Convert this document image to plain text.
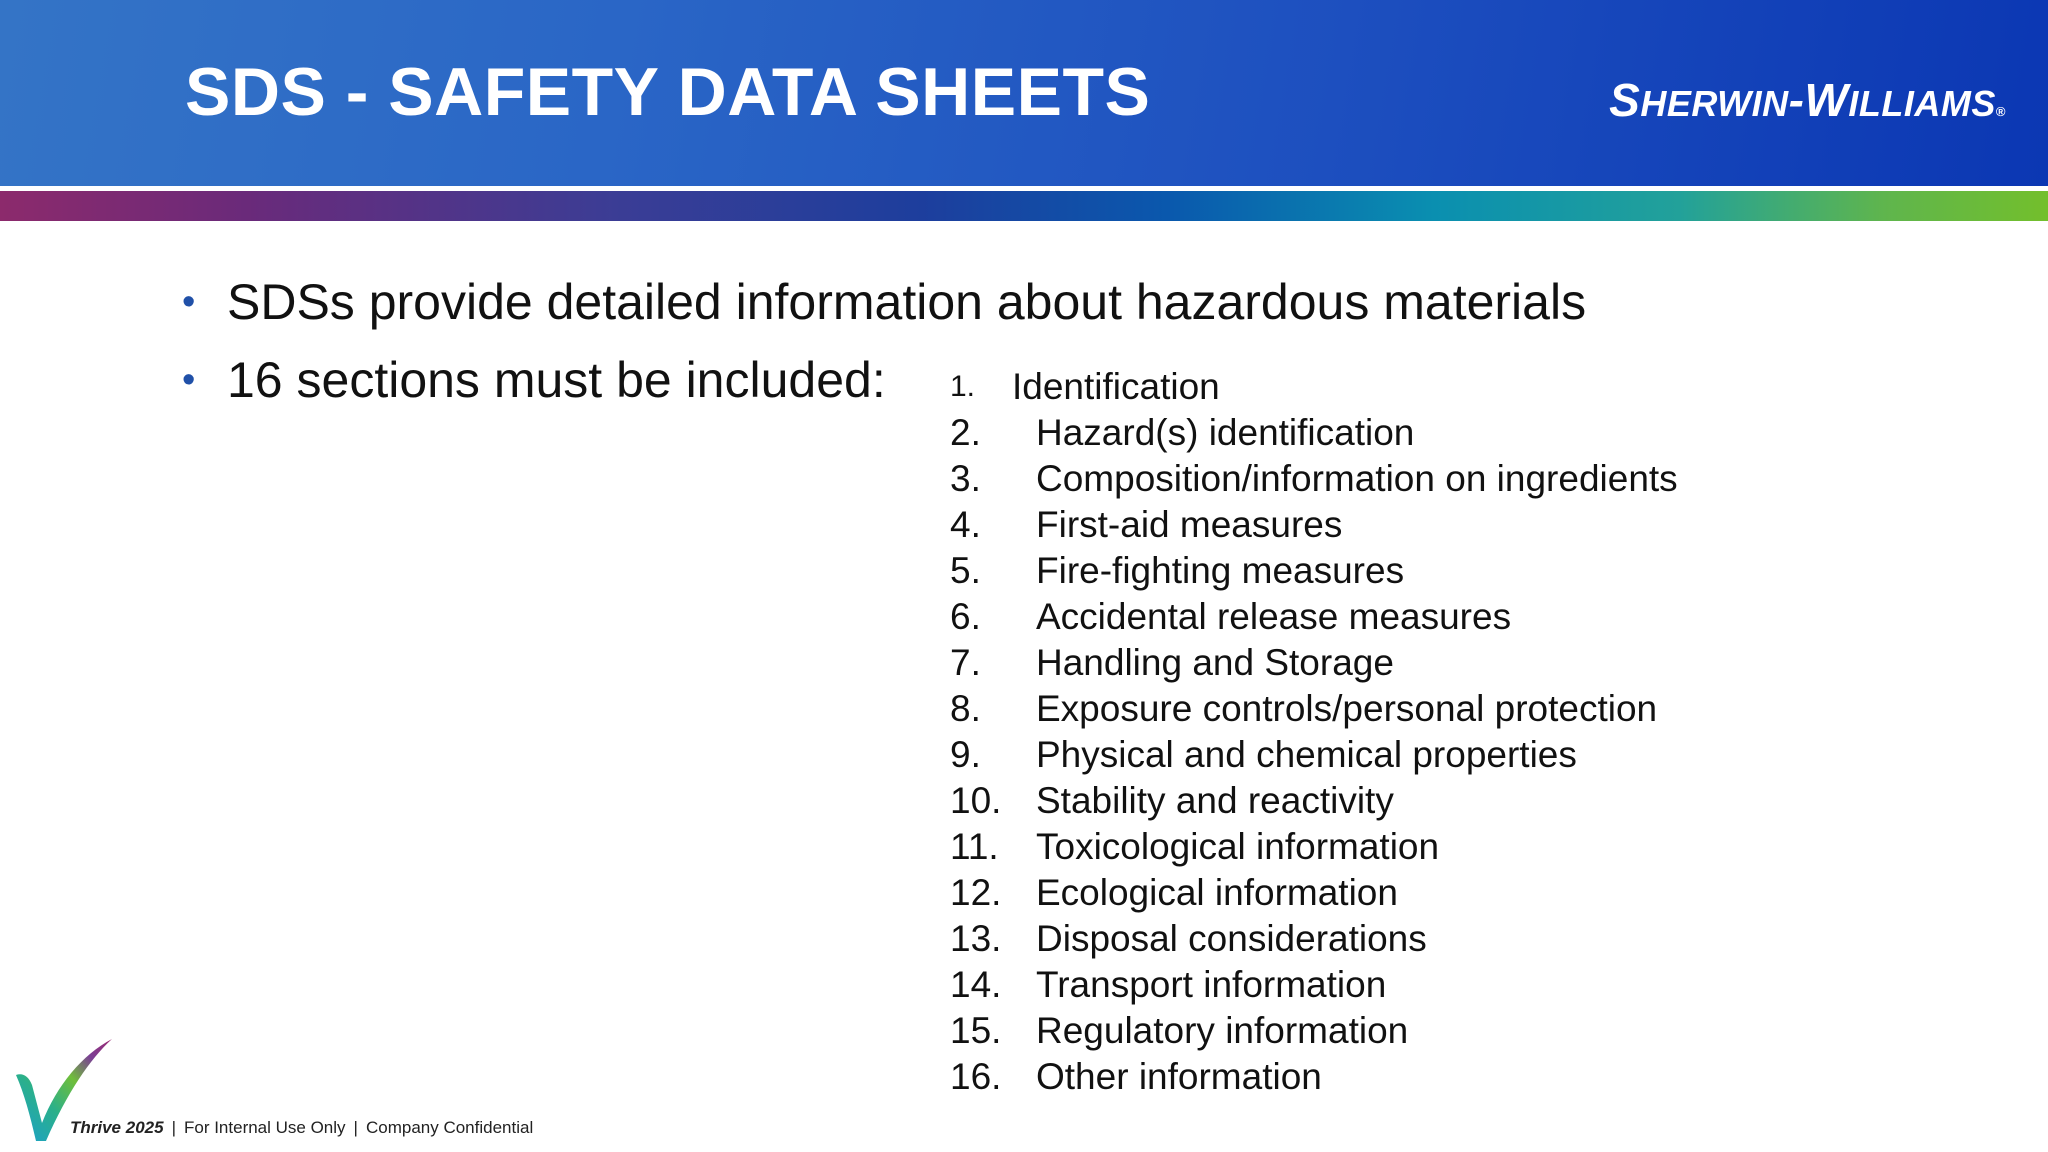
SDS - SAFETY DATA SHEETS	SHERWIN-WILLIAMS®
• SDSs provide detailed information about hazardous materials
• 16 sections must be included: 1. Identification
2. Hazard(s) identification
3. Composition/information on ingredients
4. First-aid measures
5. Fire-fighting measures
6. Accidental release measures
7. Handling and Storage
8. Exposure controls/personal protection
9. Physical and chemical properties
10. Stability and reactivity
11. Toxicological information
12. Ecological information
13. Disposal considerations
14. Transport information
15. Regulatory information
16. Other information
Thrive 2025 | For Internal Use Only | Company Confidential
